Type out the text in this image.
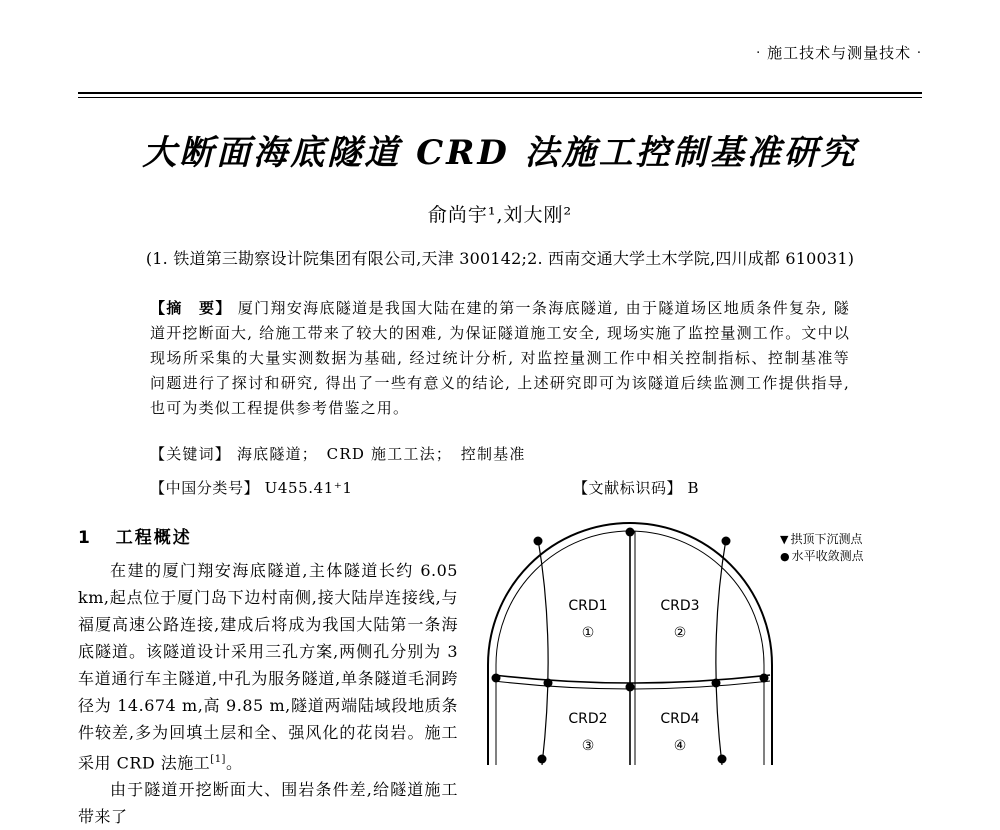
· 施工技术与测量技术 ·
大断面海底隧道 CRD 法施工控制基准研究
俞尚宇¹,刘大刚²
(1. 铁道第三勘察设计院集团有限公司,天津 300142;2. 西南交通大学土木学院,四川成都 610031)
【摘　要】 厦门翔安海底隧道是我国大陆在建的第一条海底隧道, 由于隧道场区地质条件复杂, 隧道开挖断面大, 给施工带来了较大的困难, 为保证隧道施工安全, 现场实施了监控量测工作。文中以现场所采集的大量实测数据为基础, 经过统计分析, 对监控量测工作中相关控制指标、控制基准等问题进行了探讨和研究, 得出了一些有意义的结论, 上述研究即可为该隧道后续监测工作提供指导, 也可为类似工程提供参考借鉴之用。
【关键词】 海底隧道；　CRD 施工工法；　控制基准
【中国分类号】 U455.41⁺1	【文献标识码】 B
1 工程概述

在建的厦门翔安海底隧道,主体隧道长约 6.05 km,起点位于厦门岛下边村南侧,接大陆岸连接线,与福厦高速公路连接,建成后将成为我国大陆第一条海底隧道。该隧道设计采用三孔方案,两侧孔分别为 3 车道通行车主隧道,中孔为服务隧道,单条隧道毛洞跨径为 14.674 m,高 9.85 m,隧道两端陆域段地质条件较差,多为回填土层和全、强风化的花岗岩。施工采用 CRD 法施工[1]。

由于隧道开挖断面大、围岩条件差,给隧道施工带来了

▼ 拱顶下沉测点
● 水平收敛测点
CRD1
①
CRD3
②
CRD2
③
CRD4
④
